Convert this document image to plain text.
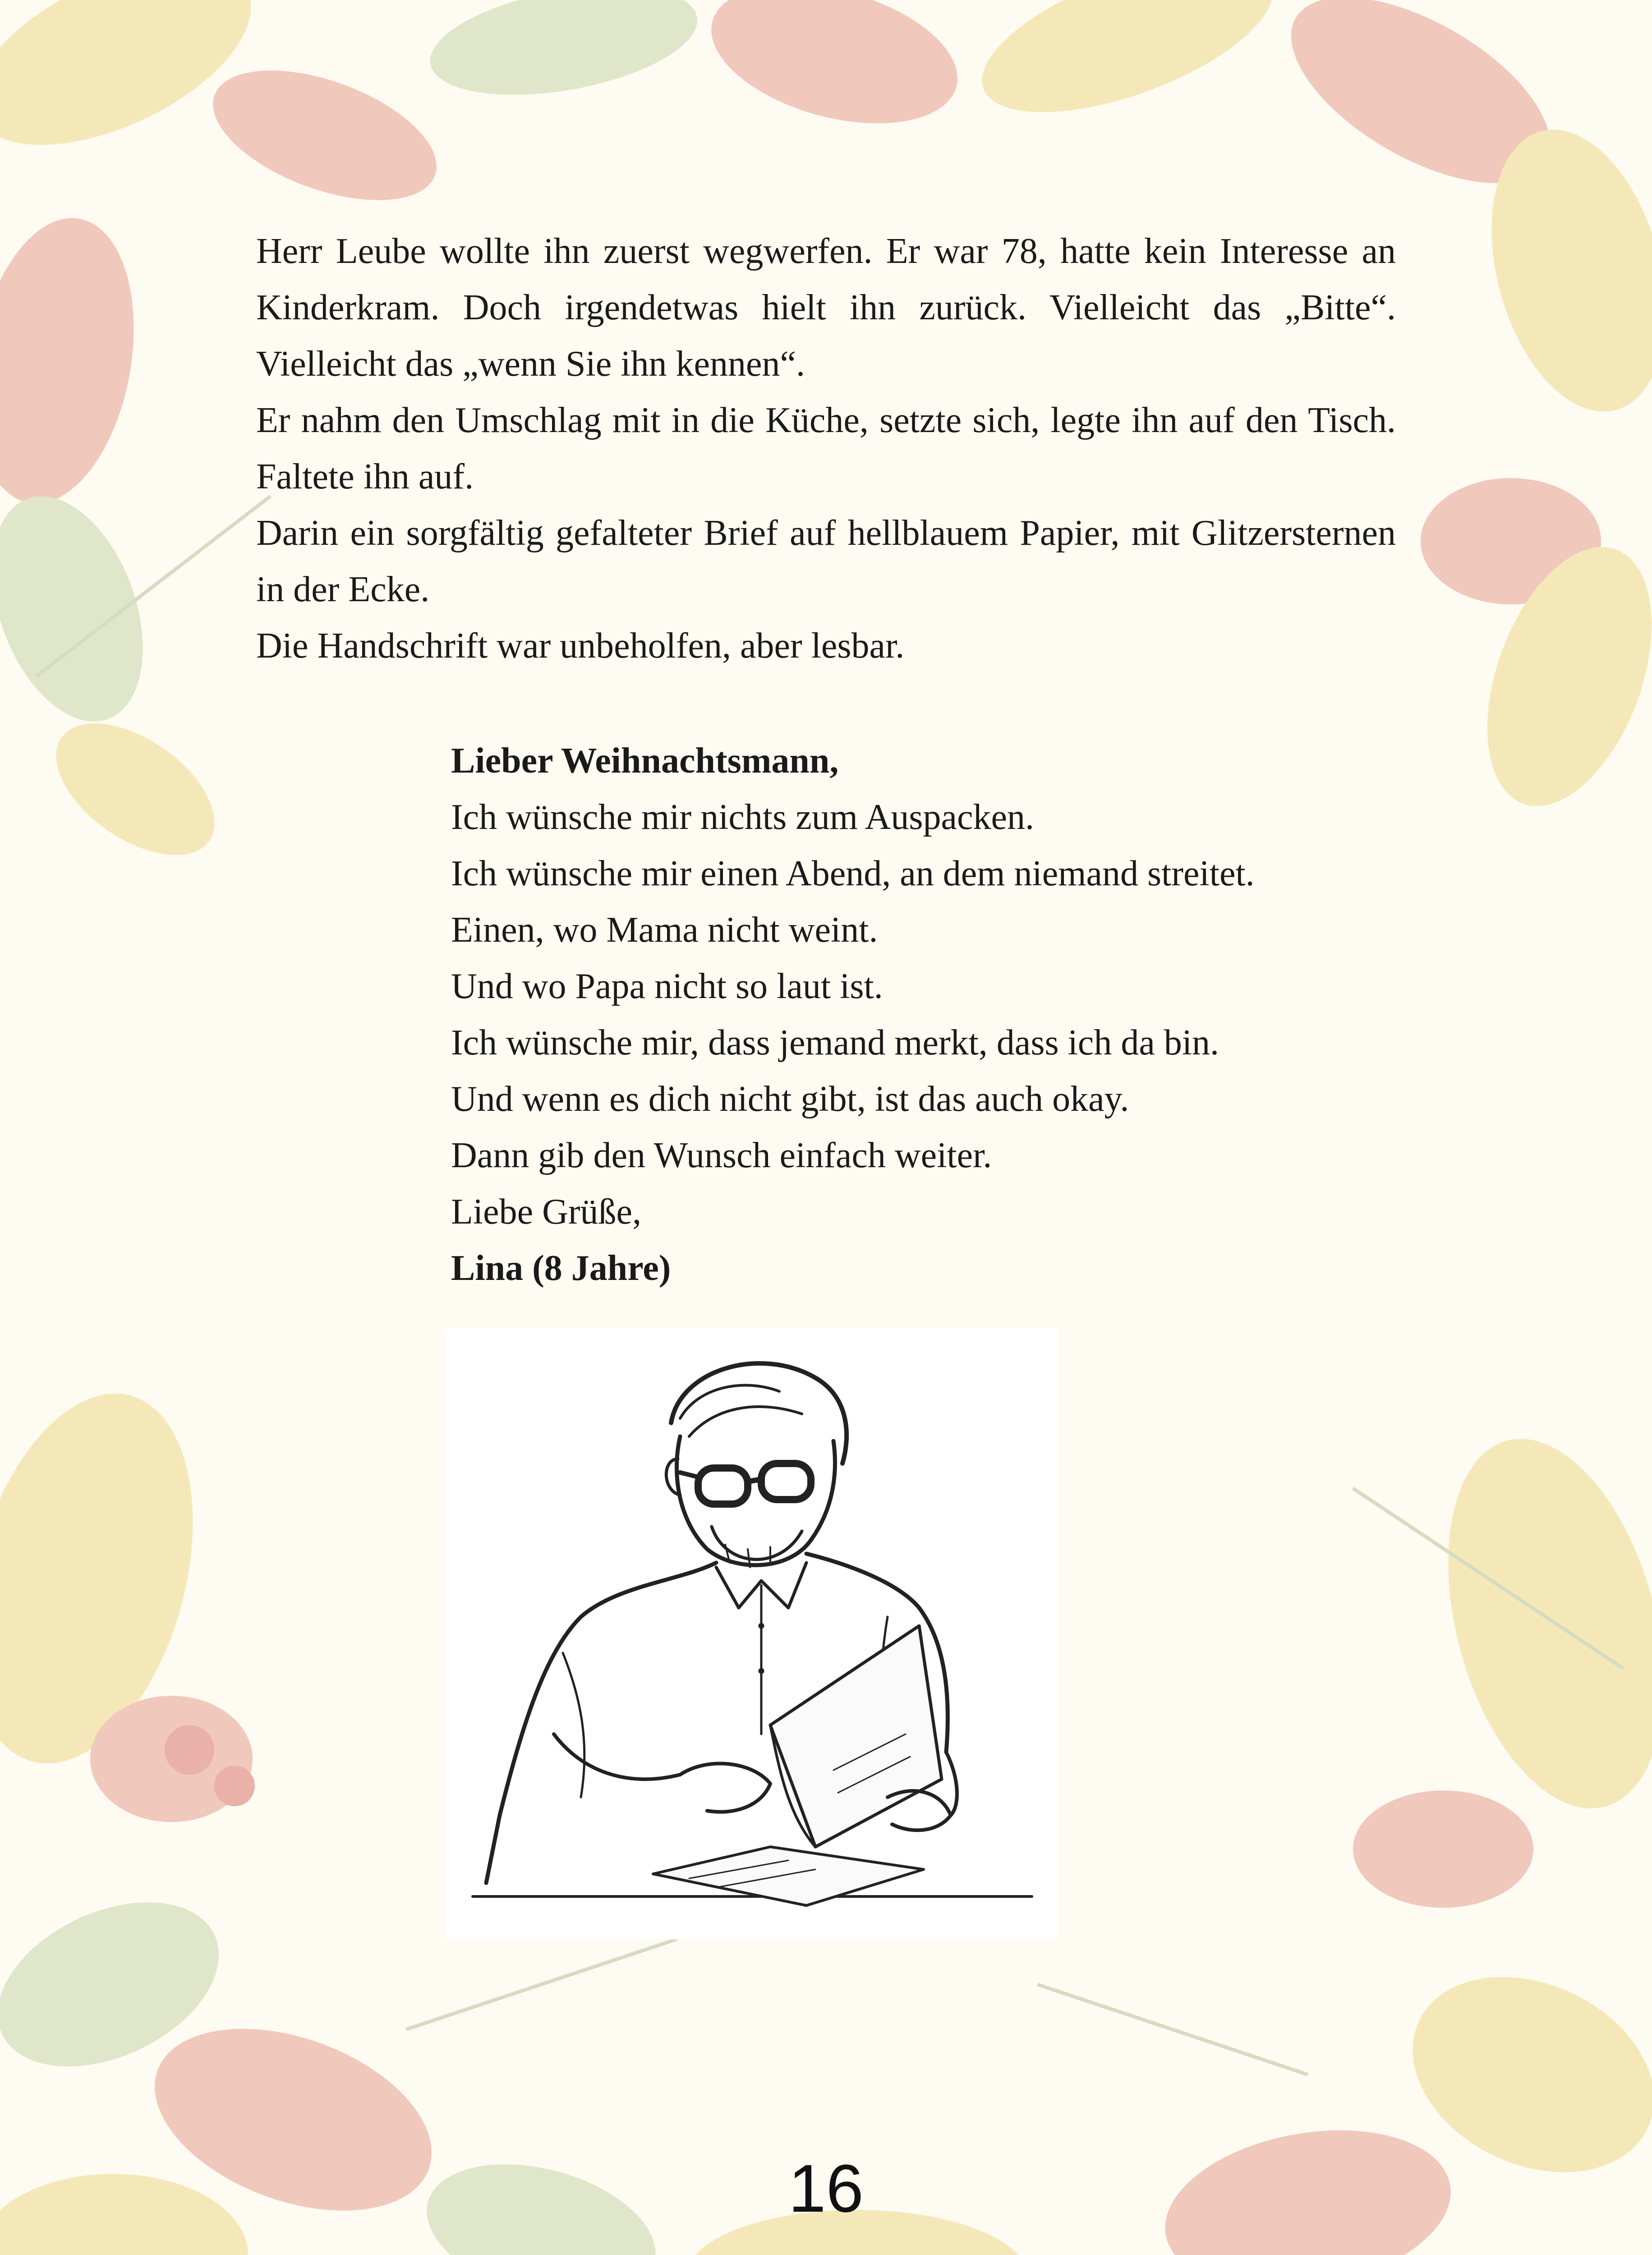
Herr Leube wollte ihn zuerst wegwerfen. Er war 78, hatte kein Interesse an Kinderkram. Doch irgendetwas hielt ihn zurück. Vielleicht das „Bitte“. Vielleicht das „wenn Sie ihn kennen“.

Er nahm den Umschlag mit in die Küche, setzte sich, legte ihn auf den Tisch. Faltete ihn auf.

Darin ein sorgfältig gefalteter Brief auf hellblauem Papier, mit Glitzersternen in der Ecke.

Die Handschrift war unbeholfen, aber lesbar.

Lieber Weihnachtsmann,
Ich wünsche mir nichts zum Auspacken.
Ich wünsche mir einen Abend, an dem niemand streitet.
Einen, wo Mama nicht weint.
Und wo Papa nicht so laut ist.
Ich wünsche mir, dass jemand merkt, dass ich da bin.
Und wenn es dich nicht gibt, ist das auch okay.
Dann gib den Wunsch einfach weiter.
Liebe Grüße,
Lina (8 Jahre)
16
